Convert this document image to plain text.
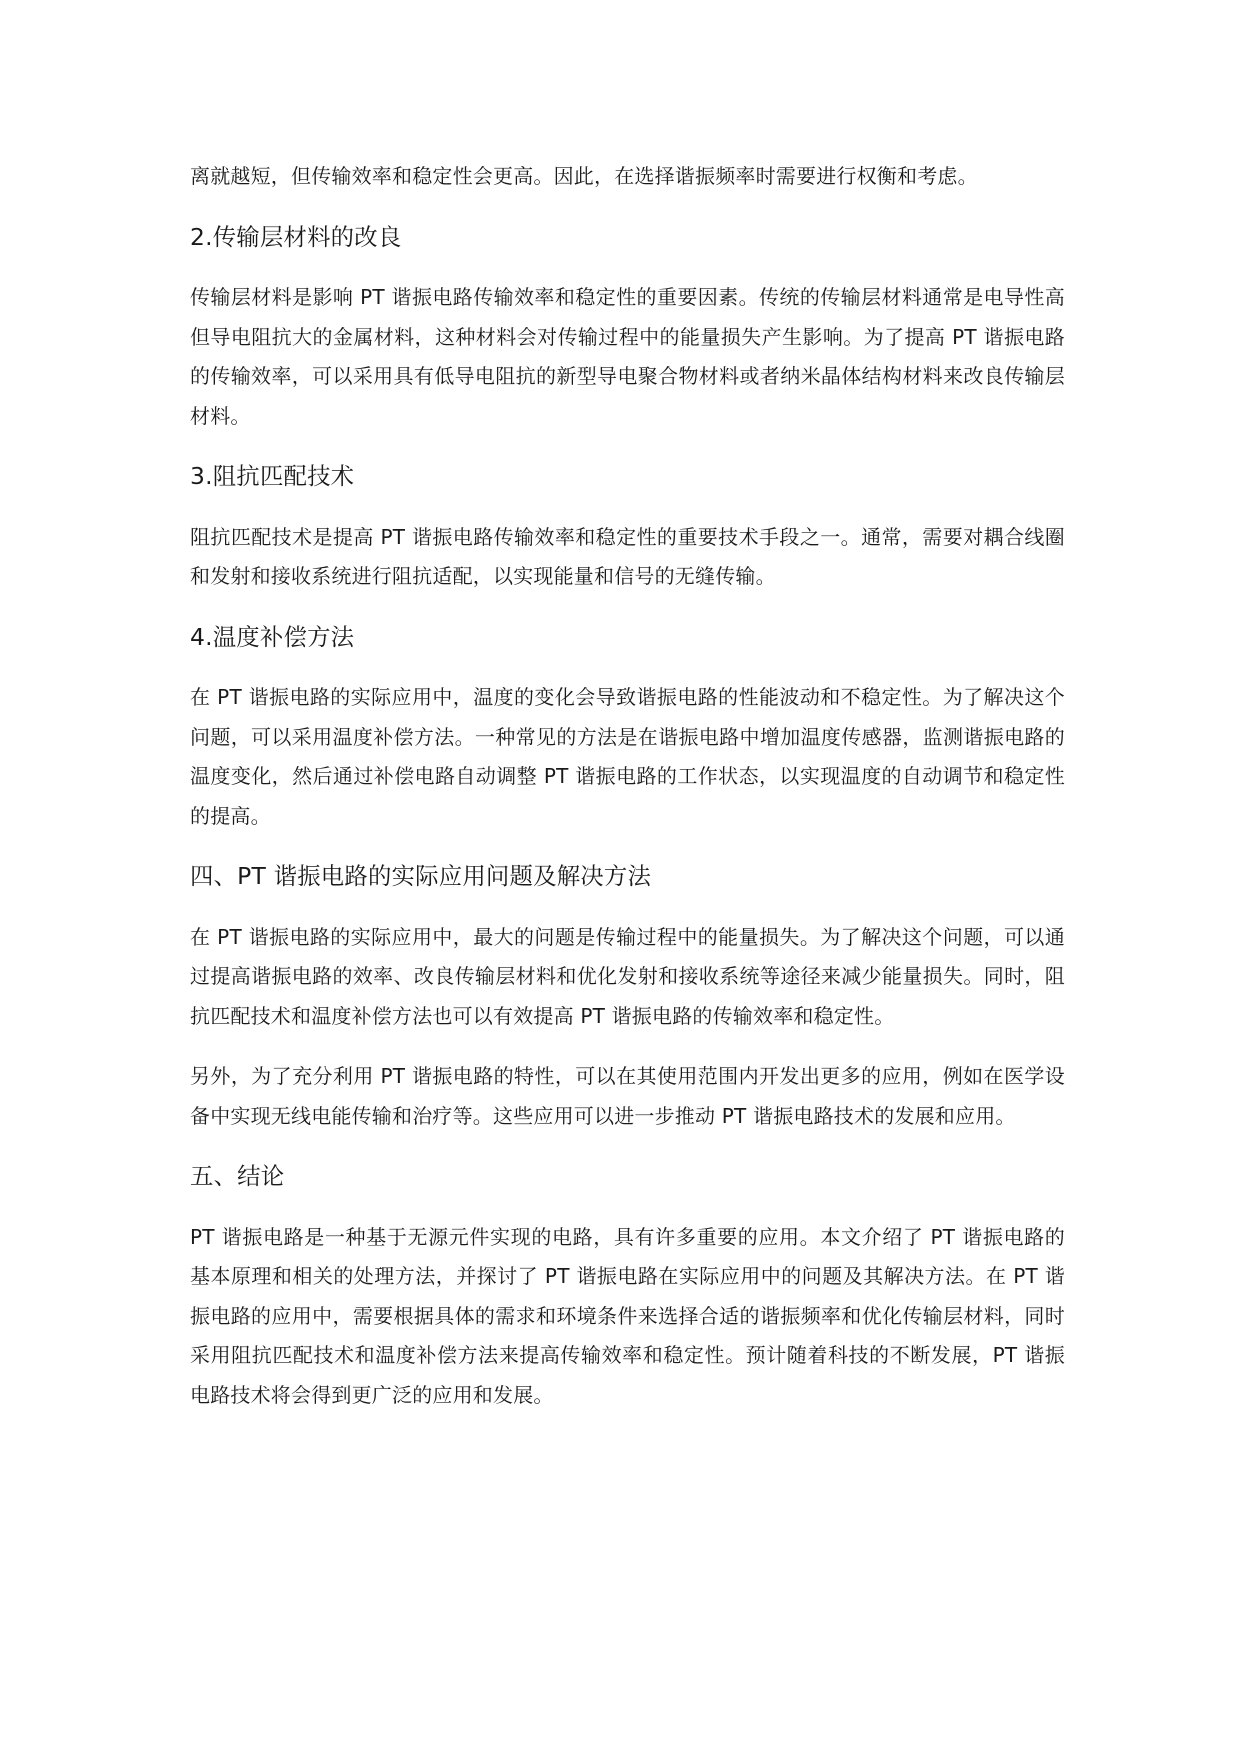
离就越短，但传输效率和稳定性会更高。因此，在选择谐振频率时需要进行权衡和考虑。

2.传输层材料的改良

传输层材料是影响 PT 谐振电路传输效率和稳定性的重要因素。传统的传输层材料通常是电导性高但导电阻抗大的金属材料，这种材料会对传输过程中的能量损失产生影响。为了提高 PT 谐振电路的传输效率，可以采用具有低导电阻抗的新型导电聚合物材料或者纳米晶体结构材料来改良传输层材料。

3.阻抗匹配技术

阻抗匹配技术是提高 PT 谐振电路传输效率和稳定性的重要技术手段之一。通常，需要对耦合线圈和发射和接收系统进行阻抗适配，以实现能量和信号的无缝传输。

4.温度补偿方法

在 PT 谐振电路的实际应用中，温度的变化会导致谐振电路的性能波动和不稳定性。为了解决这个问题，可以采用温度补偿方法。一种常见的方法是在谐振电路中增加温度传感器，监测谐振电路的温度变化，然后通过补偿电路自动调整 PT 谐振电路的工作状态，以实现温度的自动调节和稳定性的提高。

四、PT 谐振电路的实际应用问题及解决方法

在 PT 谐振电路的实际应用中，最大的问题是传输过程中的能量损失。为了解决这个问题，可以通过提高谐振电路的效率、改良传输层材料和优化发射和接收系统等途径来减少能量损失。同时，阻抗匹配技术和温度补偿方法也可以有效提高 PT 谐振电路的传输效率和稳定性。

另外，为了充分利用 PT 谐振电路的特性，可以在其使用范围内开发出更多的应用，例如在医学设备中实现无线电能传输和治疗等。这些应用可以进一步推动 PT 谐振电路技术的发展和应用。

五、结论

PT 谐振电路是一种基于无源元件实现的电路，具有许多重要的应用。本文介绍了 PT 谐振电路的基本原理和相关的处理方法，并探讨了 PT 谐振电路在实际应用中的问题及其解决方法。在 PT 谐振电路的应用中，需要根据具体的需求和环境条件来选择合适的谐振频率和优化传输层材料，同时采用阻抗匹配技术和温度补偿方法来提高传输效率和稳定性。预计随着科技的不断发展，PT 谐振电路技术将会得到更广泛的应用和发展。
